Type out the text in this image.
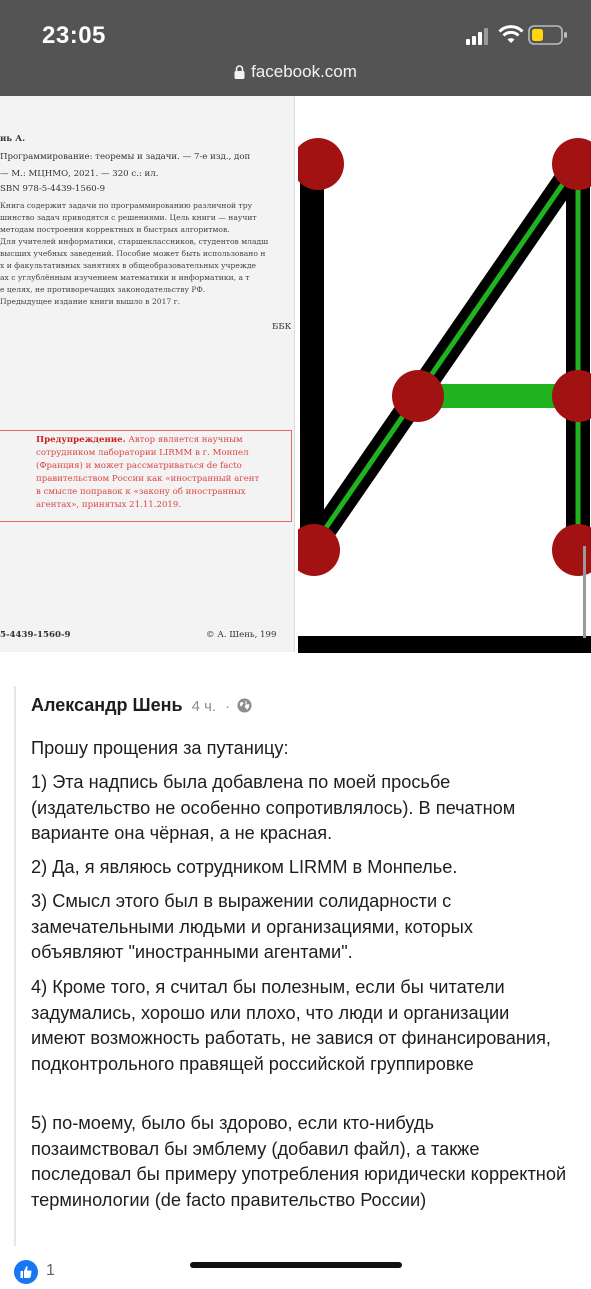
23:05
facebook.com
нь А.
Программирование: теоремы и задачи. — 7-е изд., доп
— М.: МЦНМО, 2021. — 320 с.: ил.
SBN 978-5-4439-1560-9
Книга содержит задачи по программированию различной тру
шинство задач приводятся с решениями. Цель книги — научит
методам построения корректных и быстрых алгоритмов.
Для учителей информатики, старшеклассников, студентов младш
высших учебных заведений. Пособие может быть использовано н
х и факультативных занятиях в общеобразовательных учрежде
ах с углублённым изучением математики и информатики, а т
е целях, не противоречащих законодательству РФ.
Предыдущее издание книги вышло в 2017 г.
ББК
Предупреждение. Автор является научным
сотрудником лаборатории LIRMM в г. Монпел
(Франция) и может рассматриваться de facto
правительством России как «иностранный агент
в смысле поправок к «закону об иностранных
агентах», принятых 21.11.2019.
5-4439-1560-9	© А. Шень, 199
Александр Шень 4 ч. ·

Прошу прощения за путаницу:

1) Эта надпись была добавлена по моей просьбе (издательство не особенно сопротивлялось). В печатном варианте она чёрная, а не красная.

2) Да, я являюсь сотрудником LIRMM в Монпелье.

3) Смысл этого был в выражении солидарности с замечательными людьми и организациями, которых объявляют "иностранными агентами".

4) Кроме того, я считал бы полезным, если бы читатели задумались, хорошо или плохо, что люди и организации имеют возможность работать, не завися от финансирования, подконтрольного правящей российской группировке

5) по-моему, было бы здорово, если кто-нибудь позаимствовал бы эмблему (добавил файл), а также последовал бы примеру употребления юридически корректной терминологии (de facto правительство России)

1
